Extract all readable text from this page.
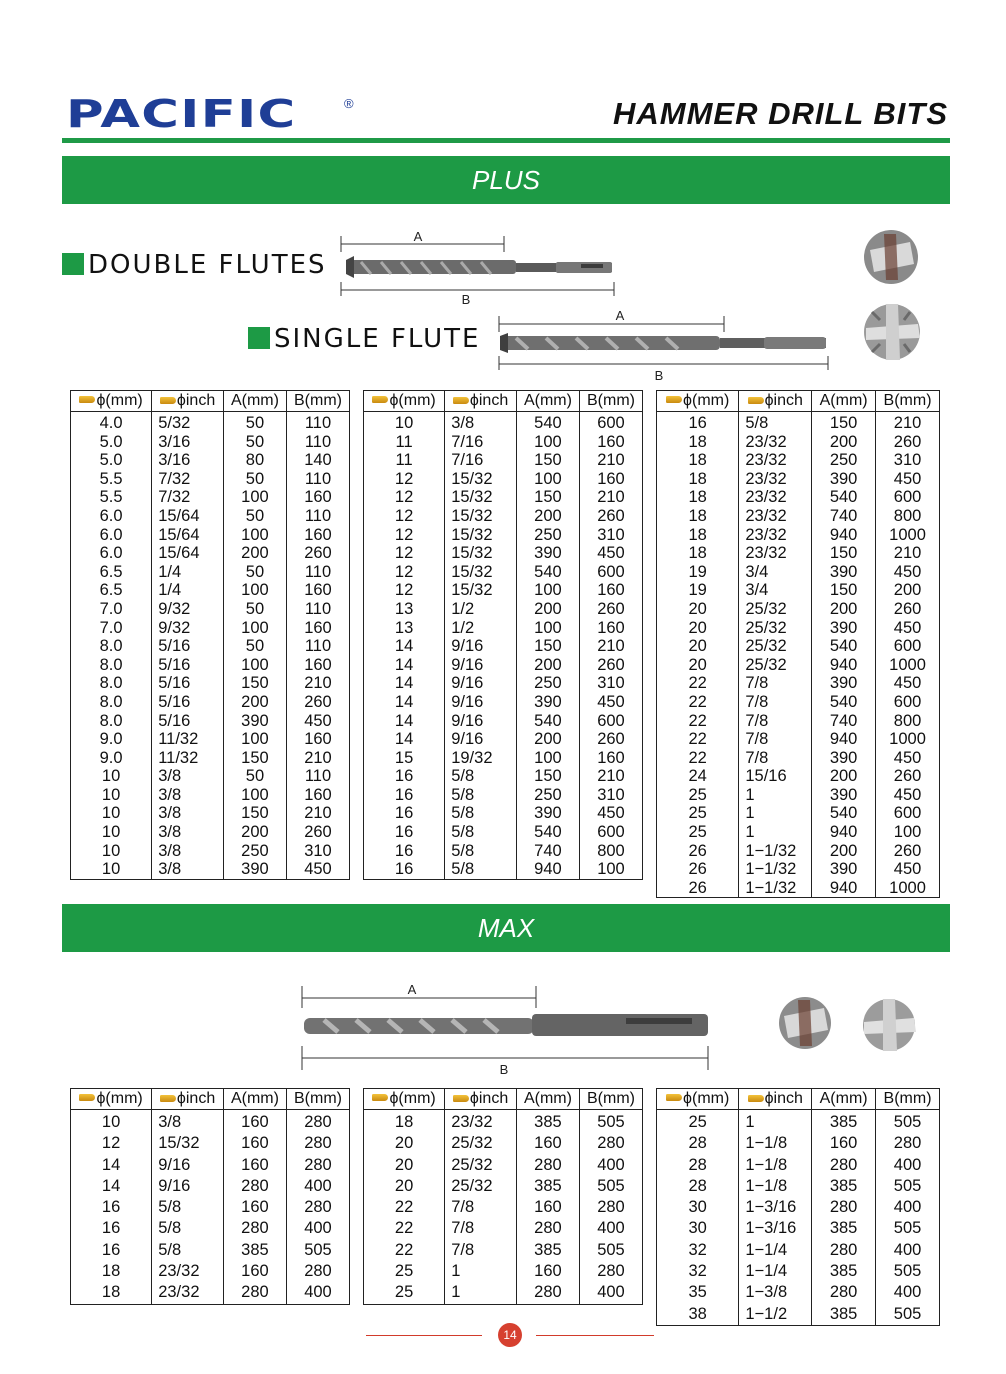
PACIFIC	®	HAMMER DRILL BITS
PLUS
DOUBLE FLUTES
A
B
SINGLE FLUTE
A
B
ϕ(mm)	ϕinch	A(mm)	B(mm)
4.0	5/32	50	110
5.0	3/16	50	110
5.0	3/16	80	140
5.5	7/32	50	110
5.5	7/32	100	160
6.0	15/64	50	110
6.0	15/64	100	160
6.0	15/64	200	260
6.5	1/4	50	110
6.5	1/4	100	160
7.0	9/32	50	110
7.0	9/32	100	160
8.0	5/16	50	110
8.0	5/16	100	160
8.0	5/16	150	210
8.0	5/16	200	260
8.0	5/16	390	450
9.0	11/32	100	160
9.0	11/32	150	210
10	3/8	50	110
10	3/8	100	160
10	3/8	150	210
10	3/8	200	260
10	3/8	250	310
10	3/8	390	450
ϕ(mm)	ϕinch	A(mm)	B(mm)
10	3/8	540	600
11	7/16	100	160
11	7/16	150	210
12	15/32	100	160
12	15/32	150	210
12	15/32	200	260
12	15/32	250	310
12	15/32	390	450
12	15/32	540	600
12	15/32	100	160
13	1/2	200	260
13	1/2	100	160
14	9/16	150	210
14	9/16	200	260
14	9/16	250	310
14	9/16	390	450
14	9/16	540	600
14	9/16	200	260
15	19/32	100	160
16	5/8	150	210
16	5/8	250	310
16	5/8	390	450
16	5/8	540	600
16	5/8	740	800
16	5/8	940	100
ϕ(mm)	ϕinch	A(mm)	B(mm)
16	5/8	150	210
18	23/32	200	260
18	23/32	250	310
18	23/32	390	450
18	23/32	540	600
18	23/32	740	800
18	23/32	940	1000
18	23/32	150	210
19	3/4	390	450
19	3/4	150	200
20	25/32	200	260
20	25/32	390	450
20	25/32	540	600
20	25/32	940	1000
22	7/8	390	450
22	7/8	540	600
22	7/8	740	800
22	7/8	940	1000
22	7/8	390	450
24	15/16	200	260
25	1	390	450
25	1	540	600
25	1	940	100
26	1−1/32	200	260
26	1−1/32	390	450
26	1−1/32	940	1000
MAX
A
B
ϕ(mm)	ϕinch	A(mm)	B(mm)
10	3/8	160	280
12	15/32	160	280
14	9/16	160	280
14	9/16	280	400
16	5/8	160	280
16	5/8	280	400
16	5/8	385	505
18	23/32	160	280
18	23/32	280	400
ϕ(mm)	ϕinch	A(mm)	B(mm)
18	23/32	385	505
20	25/32	160	280
20	25/32	280	400
20	25/32	385	505
22	7/8	160	280
22	7/8	280	400
22	7/8	385	505
25	1	160	280
25	1	280	400
ϕ(mm)	ϕinch	A(mm)	B(mm)
25	1	385	505
28	1−1/8	160	280
28	1−1/8	280	400
28	1−1/8	385	505
30	1−3/16	280	400
30	1−3/16	385	505
32	1−1/4	280	400
32	1−1/4	385	505
35	1−3/8	280	400
38	1−1/2	385	505
14
